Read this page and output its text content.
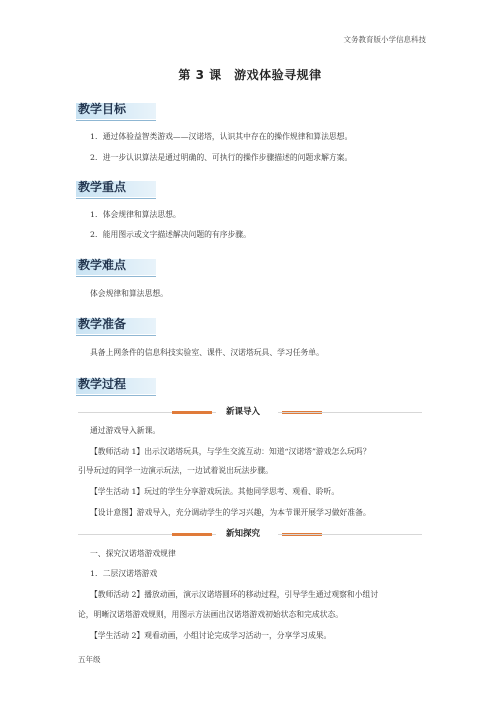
文务教育版小学信息科技
第 3 课　游戏体验寻规律
教学目标
1．通过体验益智类游戏——汉诺塔，认识其中存在的操作规律和算法思想。
2．进一步认识算法是通过明确的、可执行的操作步骤描述的问题求解方案。
教学重点
1．体会规律和算法思想。
2．能用图示或文字描述解决问题的有序步骤。
教学难点
体会规律和算法思想。
教学准备
具备上网条件的信息科技实验室、课件、汉诺塔玩具、学习任务单。
教学过程
新课导入
通过游戏导入新课。
【教师活动 1】出示汉诺塔玩具，与学生交流互动：知道“汉诺塔”游戏怎么玩吗？
引导玩过的同学一边演示玩法，一边试着说出玩法步骤。
【学生活动 1】玩过的学生分享游戏玩法。其他同学思考、观看、聆听。
【设计意图】游戏导入，充分调动学生的学习兴趣，为本节课开展学习做好准备。
新知探究
一、探究汉诺塔游戏规律
1．二层汉诺塔游戏
【教师活动 2】播放动画，演示汉诺塔圆环的移动过程，引导学生通过观察和小组讨
论，明晰汉诺塔游戏规则，用图示方法画出汉诺塔游戏初始状态和完成状态。
【学生活动 2】观看动画，小组讨论完成学习活动一，分享学习成果。
五年级
